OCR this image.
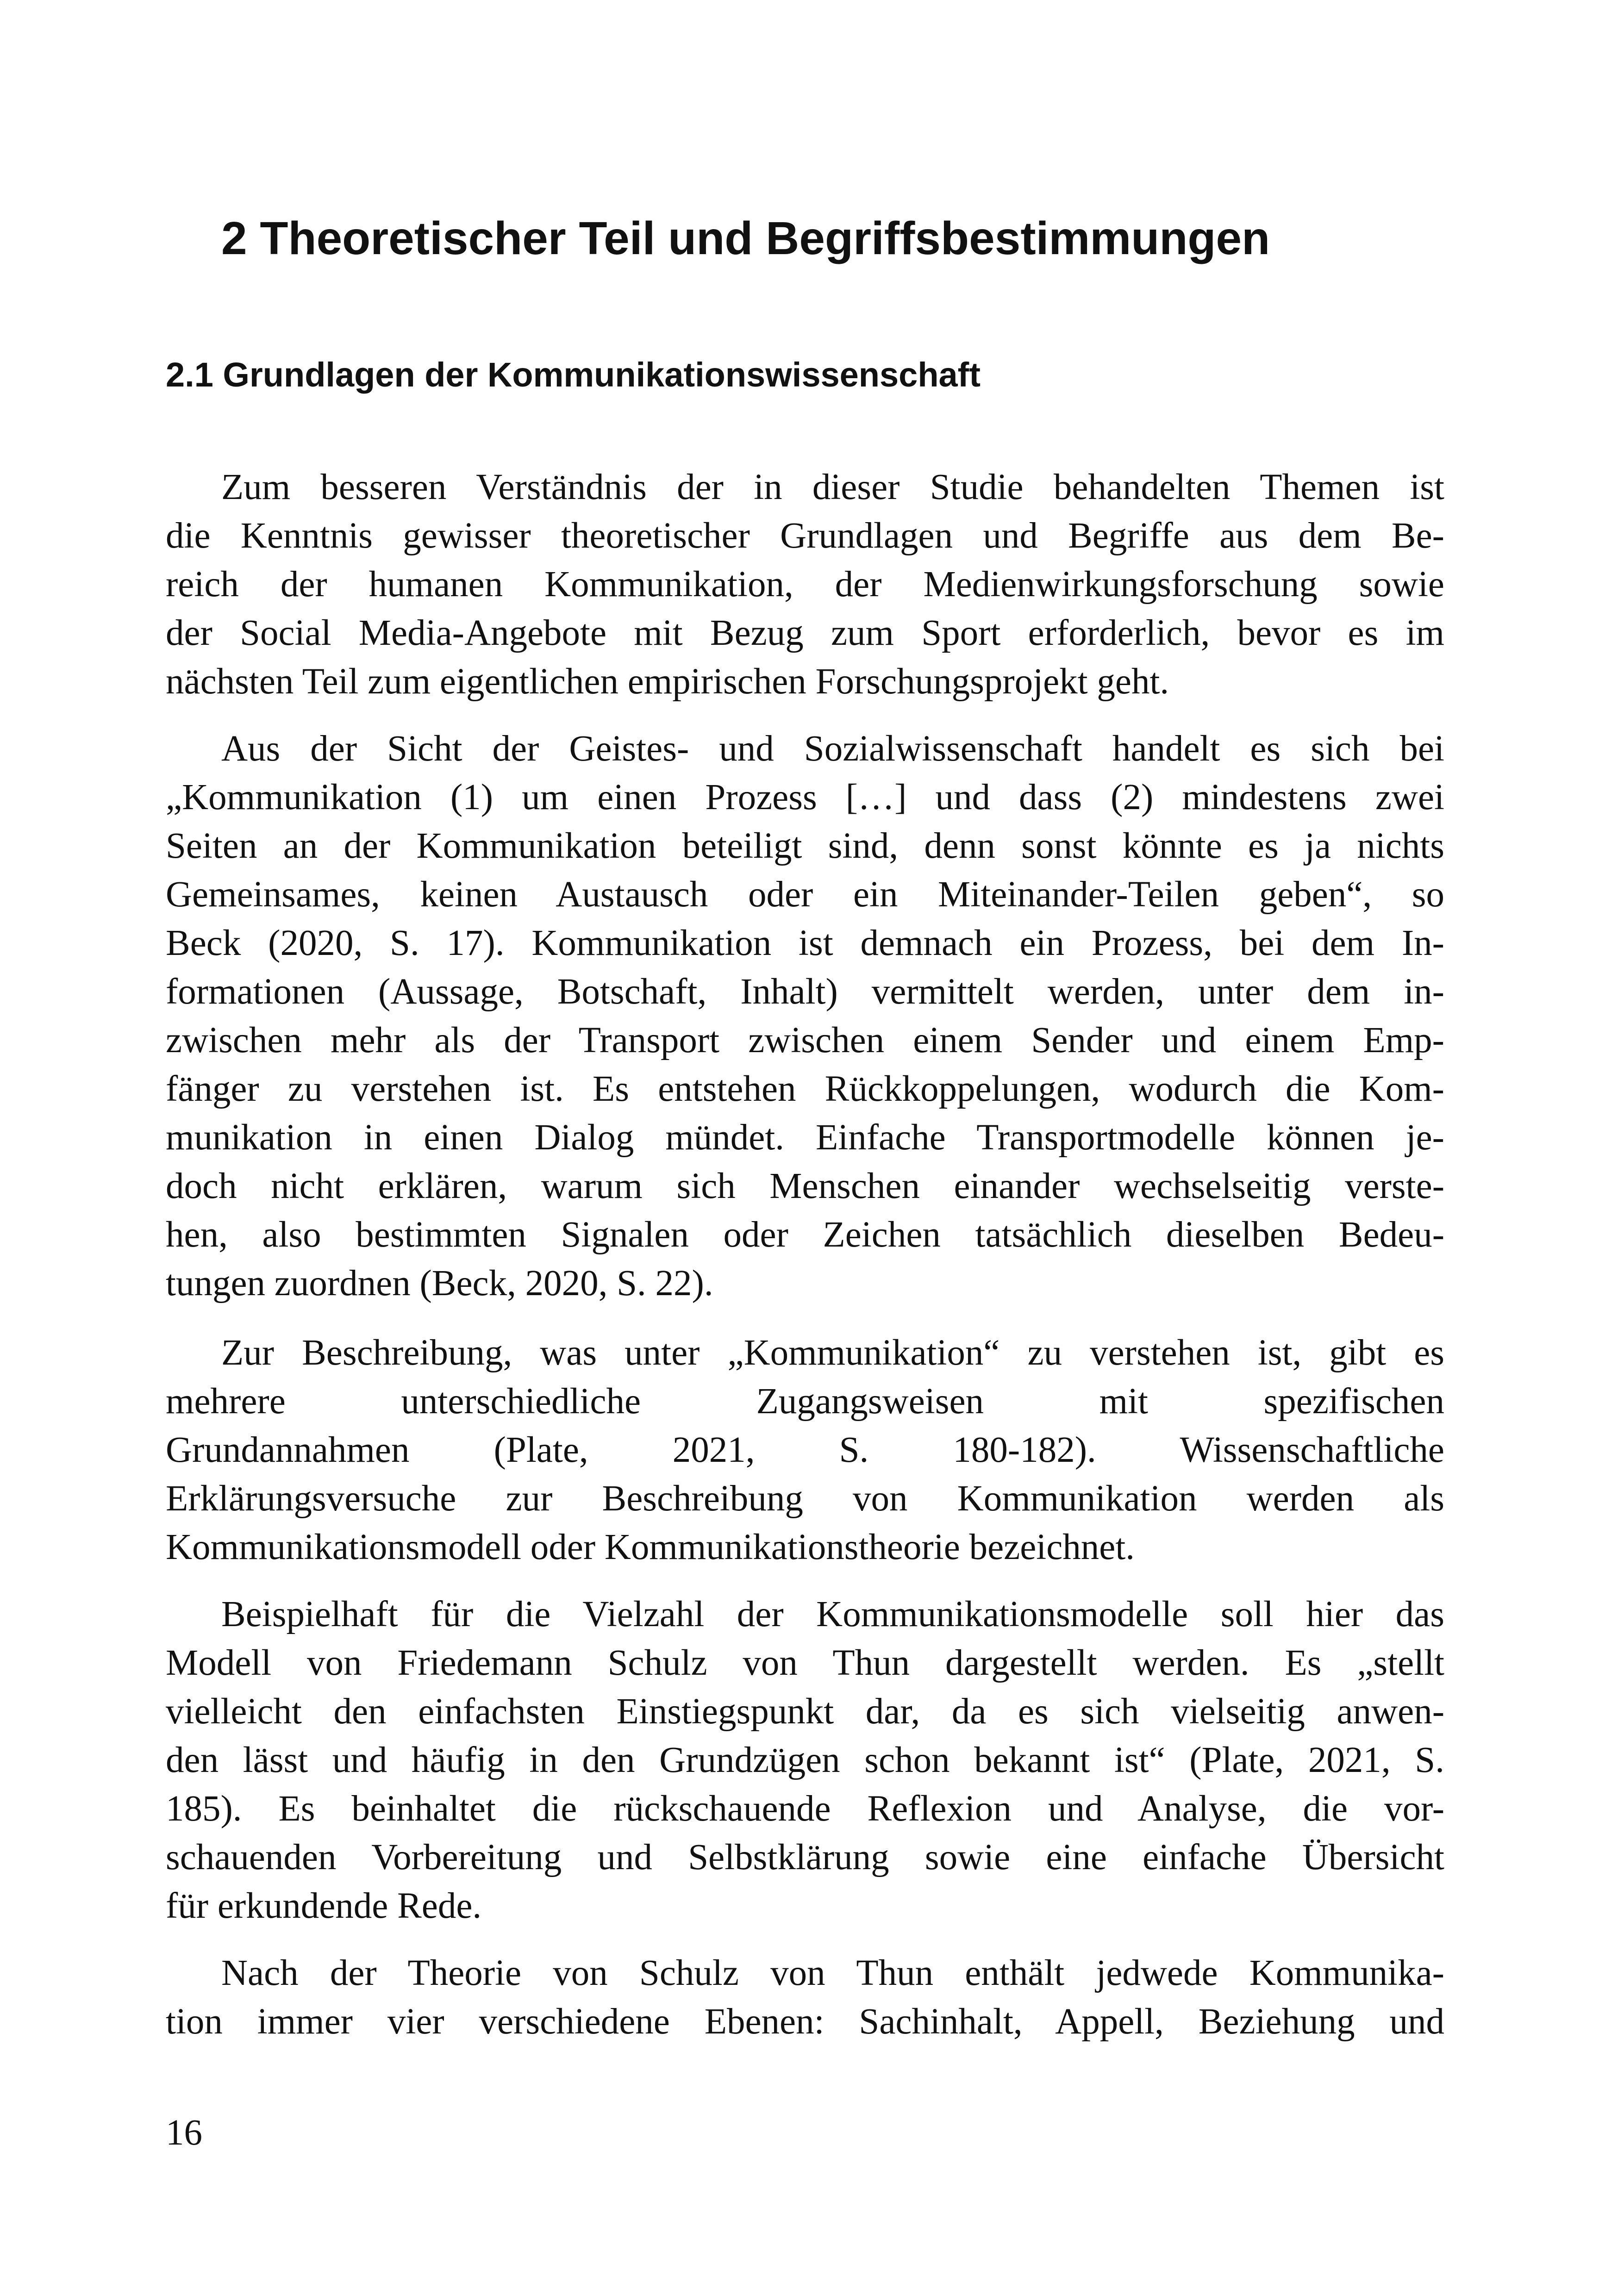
2 Theoretischer Teil und Begriffsbestimmungen
2.1 Grundlagen der Kommunikationswissenschaft
Zum besseren Verständnis der in dieser Studie behandelten Themen ist
die Kenntnis gewisser theoretischer Grundlagen und Begriffe aus dem Be-
reich der humanen Kommunikation, der Medienwirkungsforschung sowie
der Social Media-Angebote mit Bezug zum Sport erforderlich, bevor es im
nächsten Teil zum eigentlichen empirischen Forschungsprojekt geht.
Aus der Sicht der Geistes- und Sozialwissenschaft handelt es sich bei
„Kommunikation (1) um einen Prozess […] und dass (2) mindestens zwei
Seiten an der Kommunikation beteiligt sind, denn sonst könnte es ja nichts
Gemeinsames, keinen Austausch oder ein Miteinander-Teilen geben“, so
Beck (2020, S. 17). Kommunikation ist demnach ein Prozess, bei dem In-
formationen (Aussage, Botschaft, Inhalt) vermittelt werden, unter dem in-
zwischen mehr als der Transport zwischen einem Sender und einem Emp-
fänger zu verstehen ist. Es entstehen Rückkoppelungen, wodurch die Kom-
munikation in einen Dialog mündet. Einfache Transportmodelle können je-
doch nicht erklären, warum sich Menschen einander wechselseitig verste-
hen, also bestimmten Signalen oder Zeichen tatsächlich dieselben Bedeu-
tungen zuordnen (Beck, 2020, S. 22).
Zur Beschreibung, was unter „Kommunikation“ zu verstehen ist, gibt es
mehrere unterschiedliche Zugangsweisen mit spezifischen
Grundannahmen (Plate, 2021, S. 180-182). Wissenschaftliche
Erklärungsversuche zur Beschreibung von Kommunikation werden als
Kommunikationsmodell oder Kommunikationstheorie bezeichnet.
Beispielhaft für die Vielzahl der Kommunikationsmodelle soll hier das
Modell von Friedemann Schulz von Thun dargestellt werden. Es „stellt
vielleicht den einfachsten Einstiegspunkt dar, da es sich vielseitig anwen-
den lässt und häufig in den Grundzügen schon bekannt ist“ (Plate, 2021, S.
185). Es beinhaltet die rückschauende Reflexion und Analyse, die vor-
schauenden Vorbereitung und Selbstklärung sowie eine einfache Übersicht
für erkundende Rede.
Nach der Theorie von Schulz von Thun enthält jedwede Kommunika-
tion immer vier verschiedene Ebenen: Sachinhalt, Appell, Beziehung und
16
